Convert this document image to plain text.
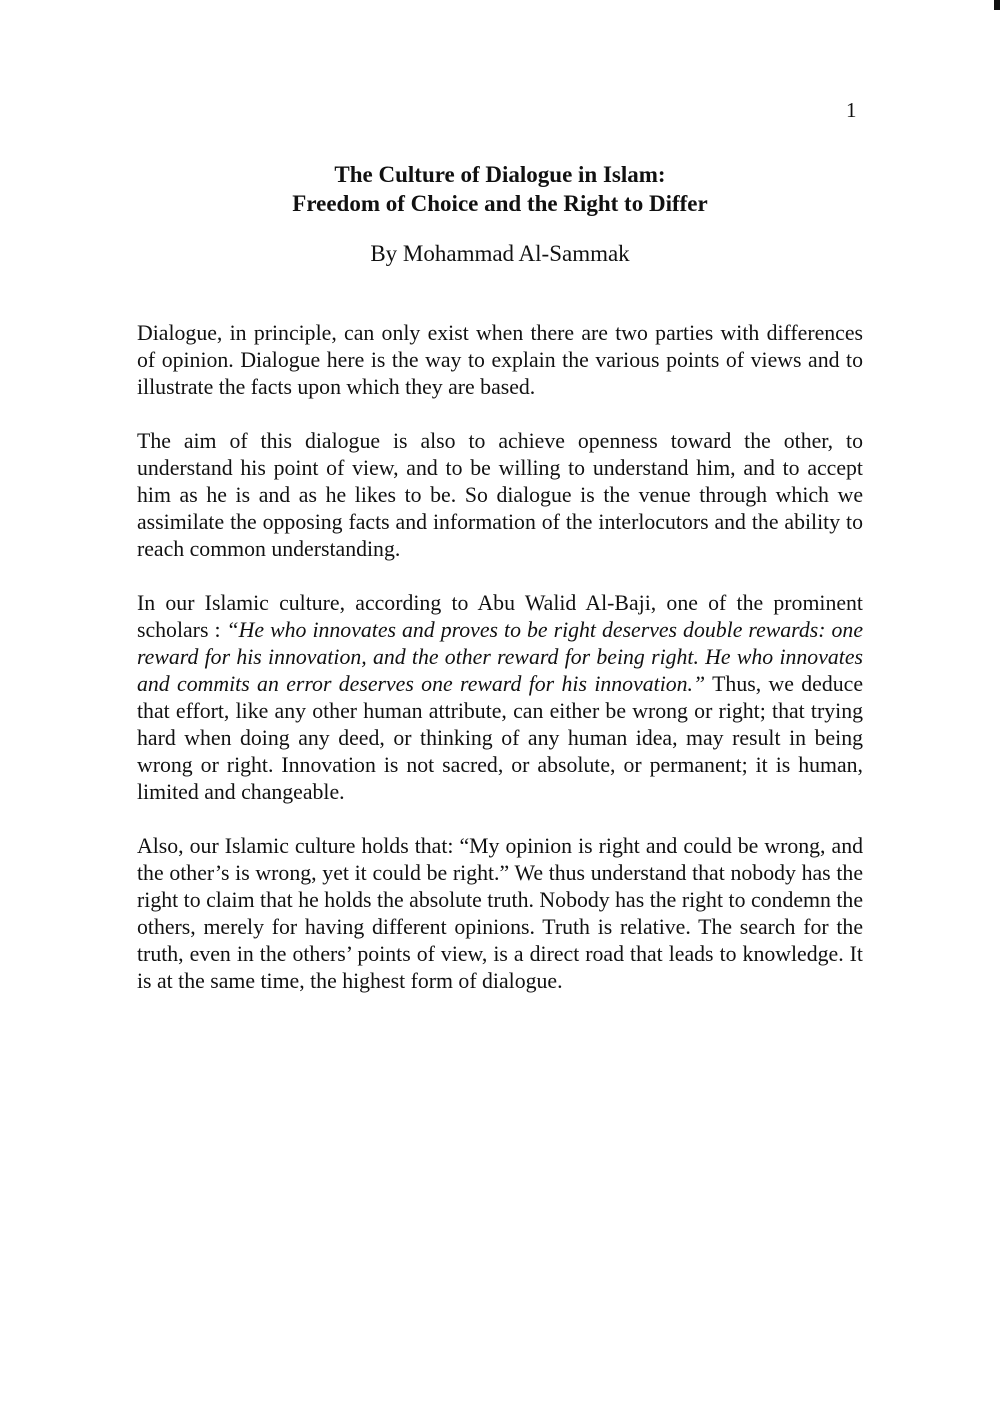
1
The Culture of Dialogue in Islam:
Freedom of Choice and the Right to Differ
By Mohammad Al-Sammak

Dialogue, in principle, can only exist when there are two parties with differences of opinion. Dialogue here is the way to explain the various points of views and to illustrate the facts upon which they are based.

The aim of this dialogue is also to achieve openness toward the other, to understand his point of view, and to be willing to understand him, and to accept him as he is and as he likes to be. So dialogue is the venue through which we assimilate the opposing facts and information of the interlocutors and the ability to reach common understanding.

In our Islamic culture, according to Abu Walid Al-Baji, one of the prominent scholars : “He who innovates and proves to be right deserves double rewards: one reward for his innovation, and the other reward for being right. He who innovates and commits an error deserves one reward for his innovation.” Thus, we deduce that effort, like any other human attribute, can either be wrong or right; that trying hard when doing any deed, or thinking of any human idea, may result in being wrong or right. Innovation is not sacred, or absolute, or permanent; it is human, limited and changeable.

Also, our Islamic culture holds that: “My opinion is right and could be wrong, and the other’s is wrong, yet it could be right.” We thus understand that nobody has the right to claim that he holds the absolute truth. Nobody has the right to condemn the others, merely for having different opinions. Truth is relative. The search for the truth, even in the others’ points of view, is a direct road that leads to knowledge. It is at the same time, the highest form of dialogue.
